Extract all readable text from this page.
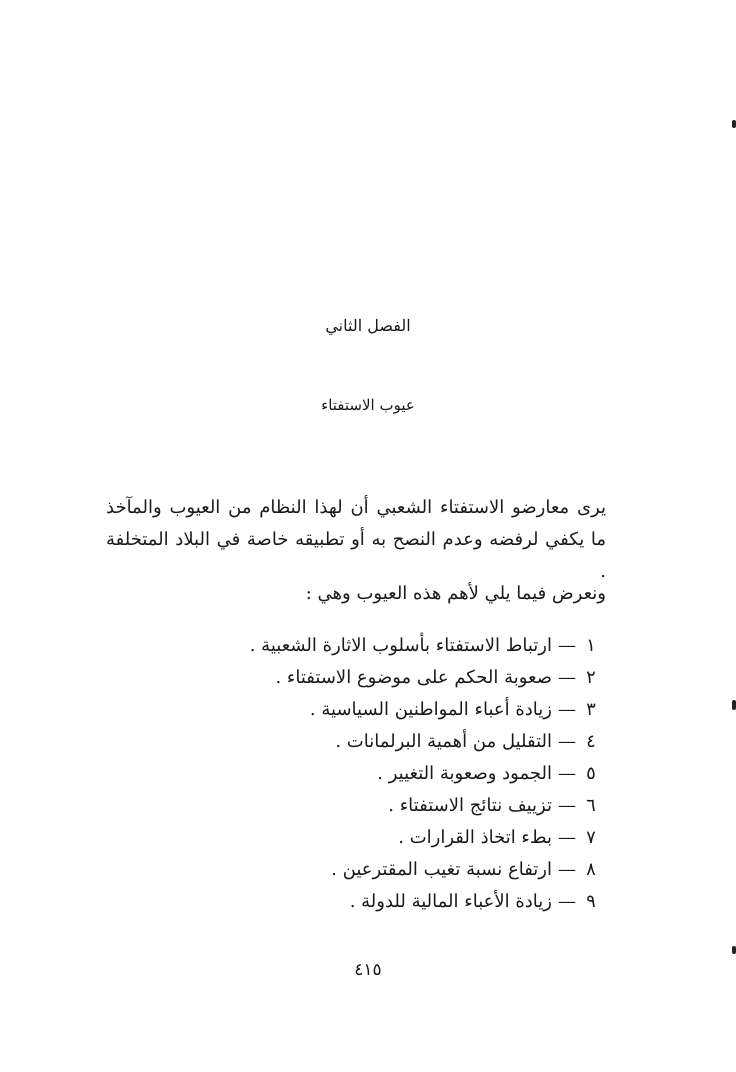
الفصل الثاني
عيوب الاستفتاء
يرى معارضو الاستفتاء الشعبي أن لهذا النظام من العيوب والمآخذ ما يكفي لرفضه وعدم النصح به أو تطبيقه خاصة في البلاد المتخلفة .
ونعرض فيما يلي لأهم هذه العيوب وهي :
١—ارتباط الاستفتاء بأسلوب الاثارة الشعبية .
٢—صعوبة الحكم على موضوع الاستفتاء .
٣—زيادة أعباء المواطنين السياسية .
٤—التقليل من أهمية البرلمانات .
٥—الجمود وصعوبة التغيير .
٦—تزييف نتائج الاستفتاء .
٧—بطء اتخاذ القرارات .
٨—ارتفاع نسبة تغيب المقترعين .
٩—زيادة الأعباء المالية للدولة .
٤١٥
